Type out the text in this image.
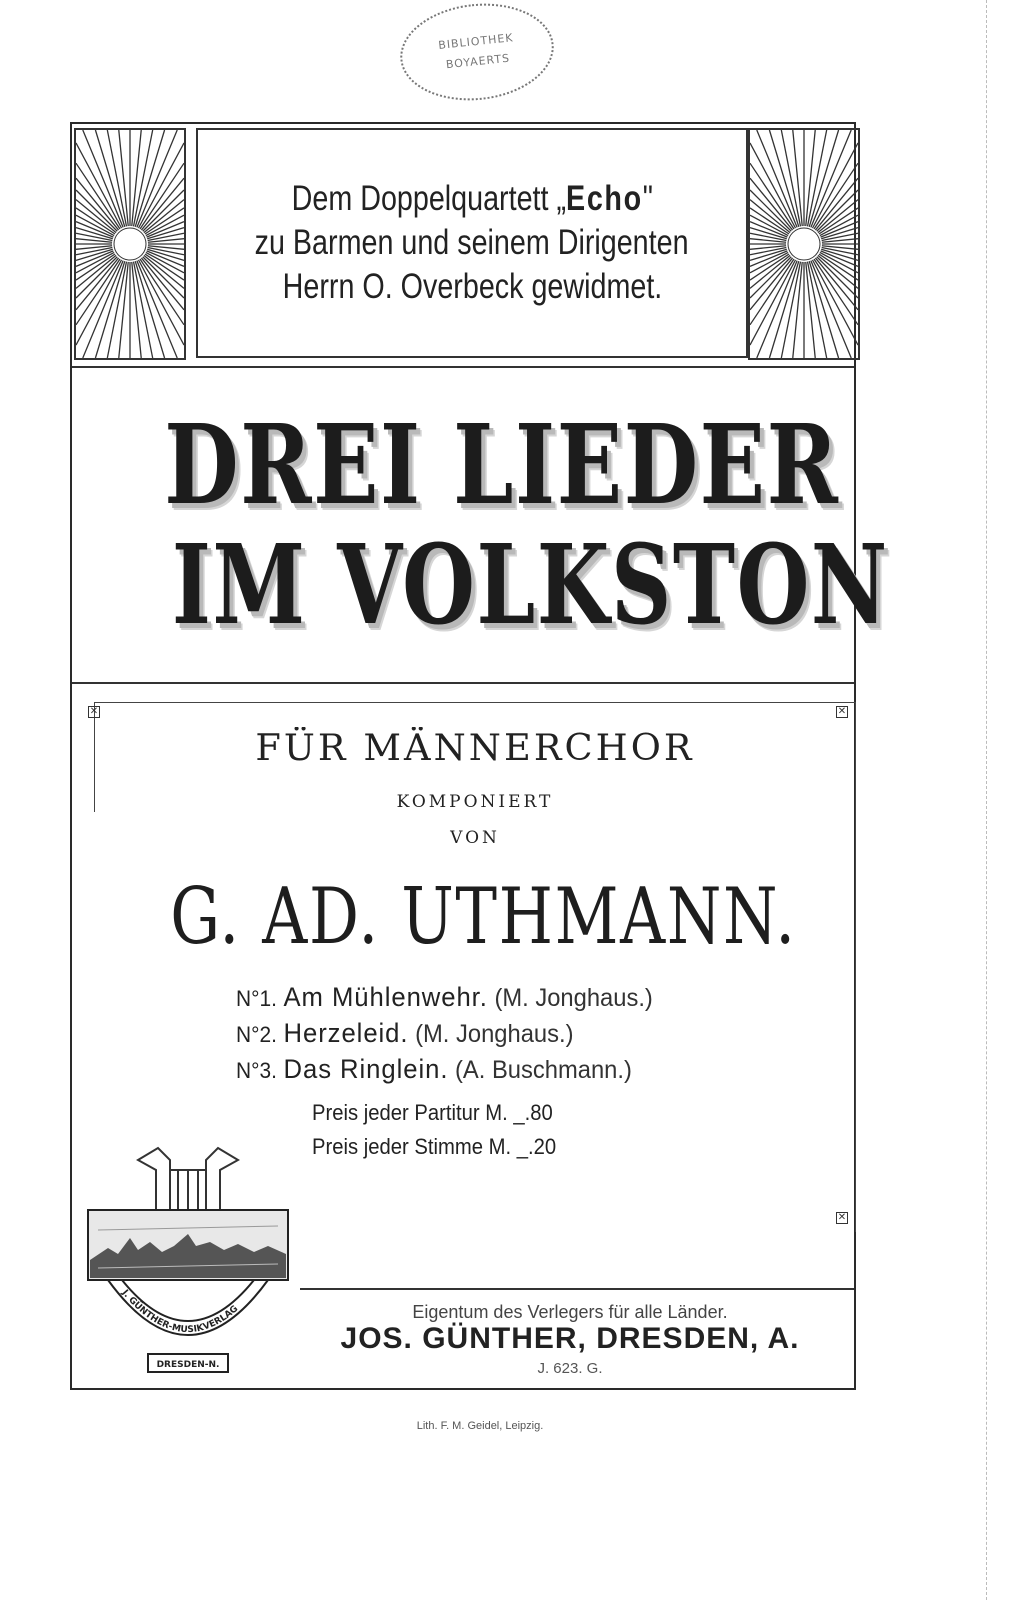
BIBLIOTHEK
BOYAERTS
Dem Doppelquartett „Echo"
zu Barmen und seinem Dirigenten
Herrn O. Overbeck gewidmet.
DREI LIEDER
IM VOLKSTON
✕	✕
✕
FÜR MÄNNERCHOR
KOMPONIERT
VON
G. AD. UTHMANN.
N°1. Am Mühlenwehr. (M. Jonghaus.)
N°2. Herzeleid. (M. Jonghaus.)
N°3. Das Ringlein. (A. Buschmann.)
Preis jeder Partitur M. _.80
Preis jeder Stimme M. _.20
J. GÜNTHER-MUSIKVERLAG
DRESDEN-N.
Eigentum des Verlegers für alle Länder.
JOS. GÜNTHER, DRESDEN, A.
J. 623. G.
Lith. F. M. Geidel, Leipzig.
